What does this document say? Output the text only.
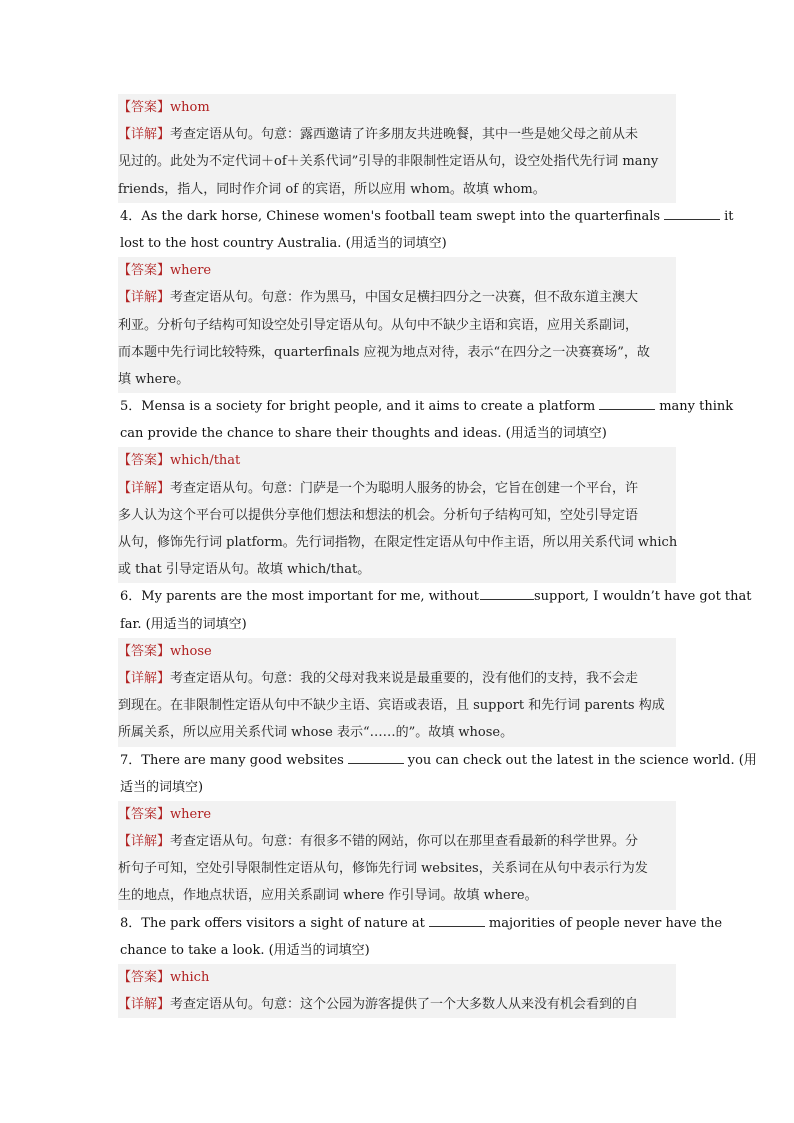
【答案】whom
【详解】考查定语从句。句意：露西邀请了许多朋友共进晚餐，其中一些是她父母之前从未
见过的。此处为不定代词＋of＋关系代词”引导的非限制性定语从句，设空处指代先行词 many
friends，指人，同时作介词 of 的宾语，所以应用 whom。故填 whom。
4．As the dark horse, Chinese women's football team swept into the quarterfinals	it
lost to the host country Australia. (用适当的词填空)
【答案】where
【详解】考查定语从句。句意：作为黑马，中国女足横扫四分之一决赛，但不敌东道主澳大
利亚。分析句子结构可知设空处引导定语从句。从句中不缺少主语和宾语，应用关系副词，
而本题中先行词比较特殊，quarterfinals 应视为地点对待，表示“在四分之一决赛赛场”，故
填 where。
5．Mensa is a society for bright people, and it aims to create a platform	many think
can provide the chance to share their thoughts and ideas. (用适当的词填空)
【答案】which/that
【详解】考查定语从句。句意：门萨是一个为聪明人服务的协会，它旨在创建一个平台，许
多人认为这个平台可以提供分享他们想法和想法的机会。分析句子结构可知，空处引导定语
从句，修饰先行词 platform。先行词指物，在限定性定语从句中作主语，所以用关系代词 which
或 that 引导定语从句。故填 which/that。
6．My parents are the most important for me, without	support, I wouldn’t have got that
far. (用适当的词填空)
【答案】whose
【详解】考查定语从句。句意：我的父母对我来说是最重要的，没有他们的支持，我不会走
到现在。在非限制性定语从句中不缺少主语、宾语或表语，且 support 和先行词 parents 构成
所属关系，所以应用关系代词 whose 表示“……的”。故填 whose。
7．There are many good websites	you can check out the latest in the science world. (用
适当的词填空)
【答案】where
【详解】考查定语从句。句意：有很多不错的网站，你可以在那里查看最新的科学世界。分
析句子可知，空处引导限制性定语从句，修饰先行词 websites，关系词在从句中表示行为发
生的地点，作地点状语，应用关系副词 where 作引导词。故填 where。
8．The park offers visitors a sight of nature at	majorities of people never have the
chance to take a look. (用适当的词填空)
【答案】which
【详解】考查定语从句。句意：这个公园为游客提供了一个大多数人从来没有机会看到的自
